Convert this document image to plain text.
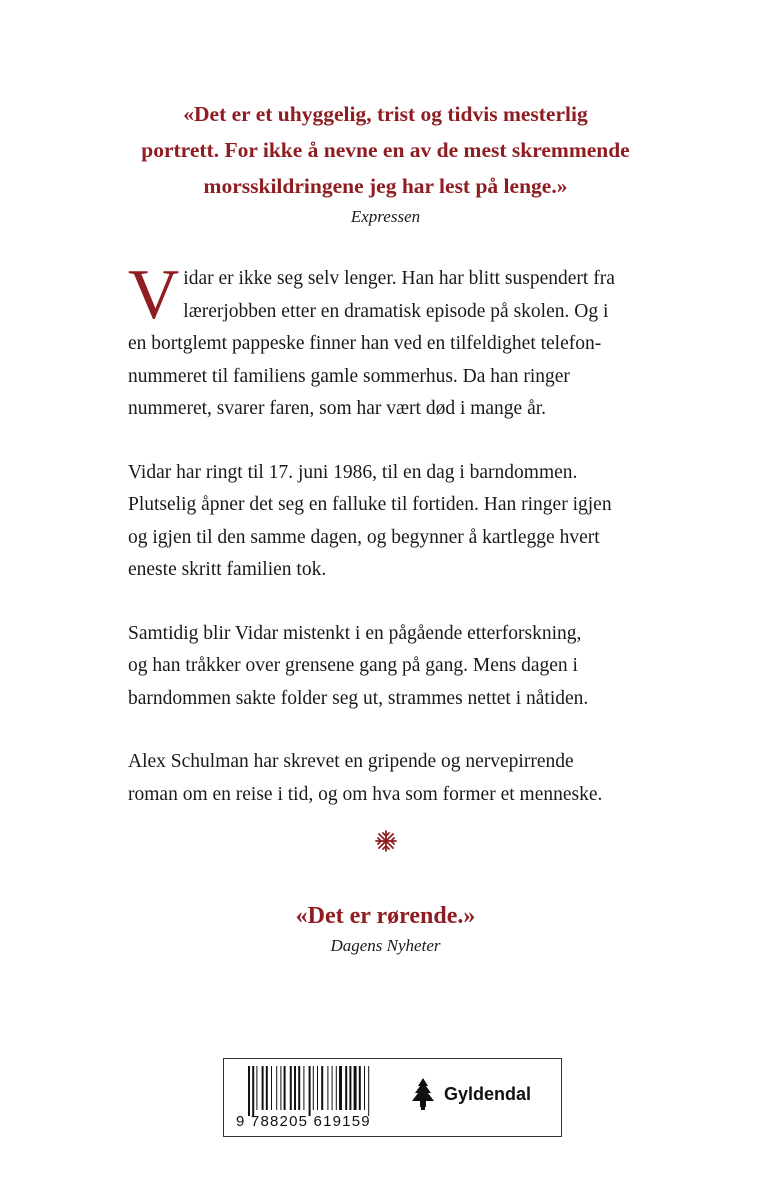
«Det er et uhyggelig, trist og tidvis mesterlig
portrett. For ikke å nevne en av de mest skremmende
morsskildringene jeg har lest på lenge.»
Expressen

V idar er ikke seg selv lenger. Han har blitt suspendert fra
lærerjobben etter en dramatisk episode på skolen. Og i
en bortglemt pappeske finner han ved en tilfeldighet telefon-
nummeret til familiens gamle sommerhus. Da han ringer
nummeret, svarer faren, som har vært død i mange år.

Vidar har ringt til 17. juni 1986, til en dag i barndommen.
Plutselig åpner det seg en falluke til fortiden. Han ringer igjen
og igjen til den samme dagen, og begynner å kartlegge hvert
eneste skritt familien tok.

Samtidig blir Vidar mistenkt i en pågående etterforskning,
og han tråkker over grensene gang på gang. Mens dagen i
barndommen sakte folder seg ut, strammes nettet i nåtiden.

Alex Schulman har skrevet en gripende og nervepirrende
roman om en reise i tid, og om hva som former et menneske.

«Det er rørende.»
Dagens Nyheter
9 788205 619159
Gyldendal
